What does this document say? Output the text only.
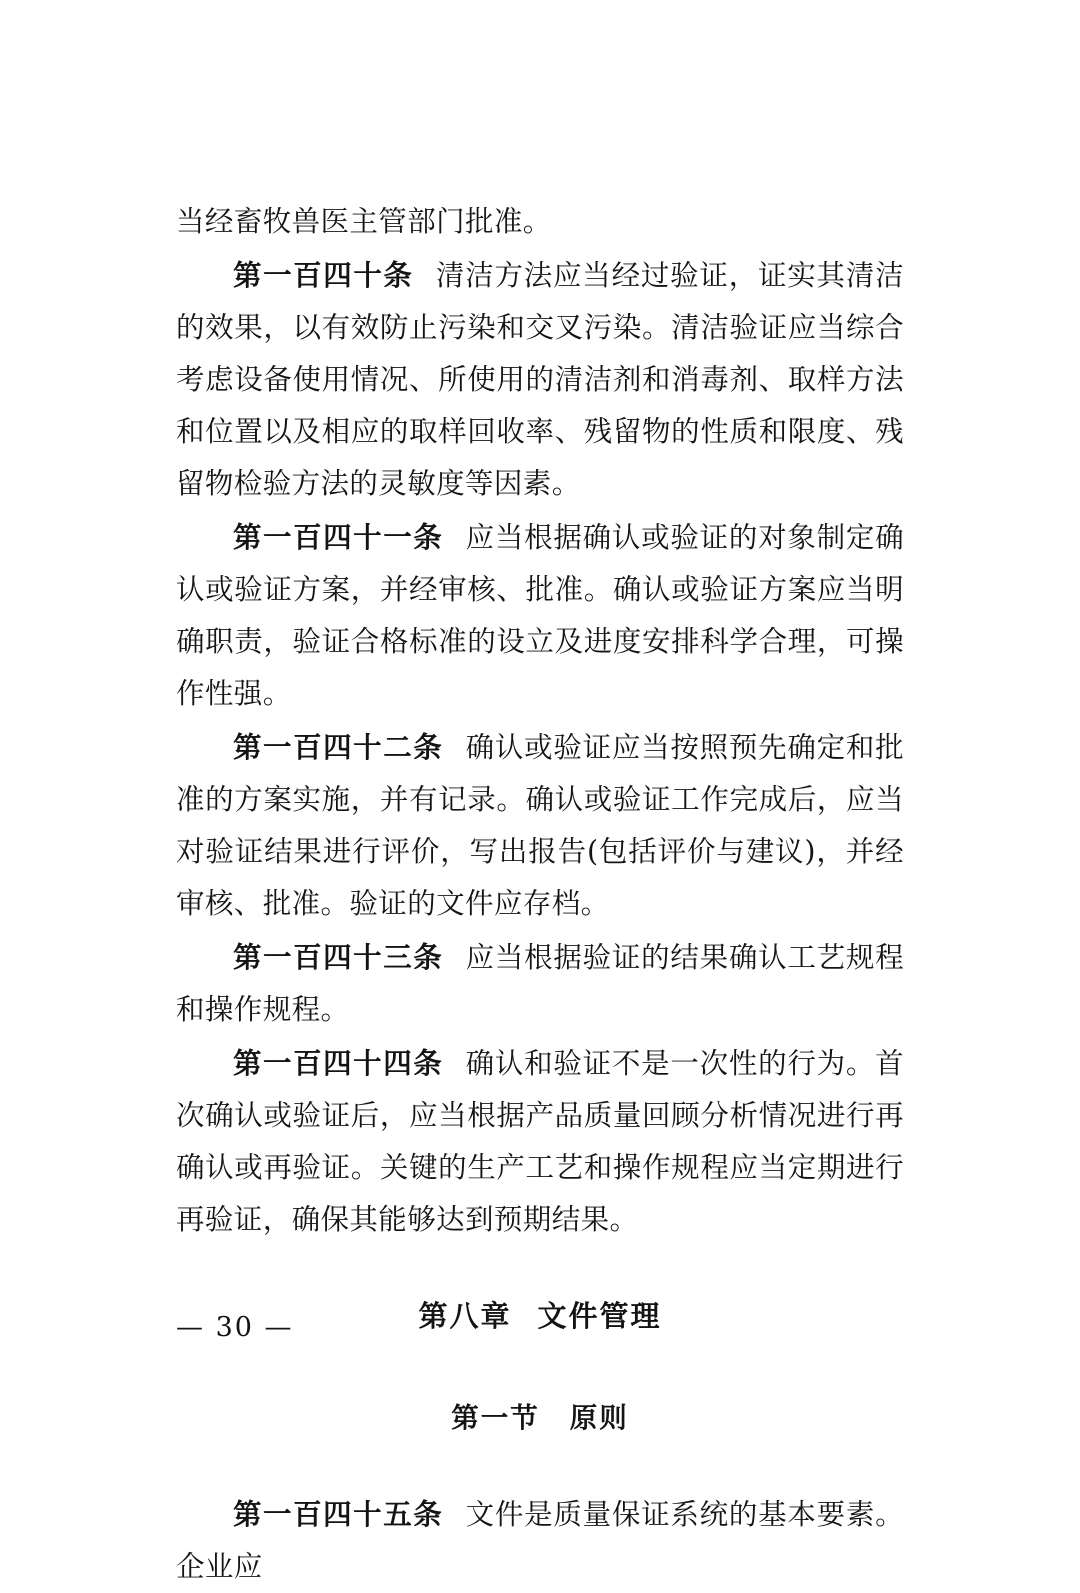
当经畜牧兽医主管部门批准。

第一百四十条 清洁方法应当经过验证，证实其清洁的效果，以有效防止污染和交叉污染。清洁验证应当综合考虑设备使用情况、所使用的清洁剂和消毒剂、取样方法和位置以及相应的取样回收率、残留物的性质和限度、残留物检验方法的灵敏度等因素。

第一百四十一条 应当根据确认或验证的对象制定确认或验证方案，并经审核、批准。确认或验证方案应当明确职责，验证合格标准的设立及进度安排科学合理，可操作性强。

第一百四十二条 确认或验证应当按照预先确定和批准的方案实施，并有记录。确认或验证工作完成后，应当对验证结果进行评价，写出报告(包括评价与建议)，并经审核、批准。验证的文件应存档。

第一百四十三条 应当根据验证的结果确认工艺规程和操作规程。

第一百四十四条 确认和验证不是一次性的行为。首次确认或验证后，应当根据产品质量回顾分析情况进行再确认或再验证。关键的生产工艺和操作规程应当定期进行再验证，确保其能够达到预期结果。

第八章 文件管理
第一节 原则

第一百四十五条 文件是质量保证系统的基本要素。企业应

— 30 —
